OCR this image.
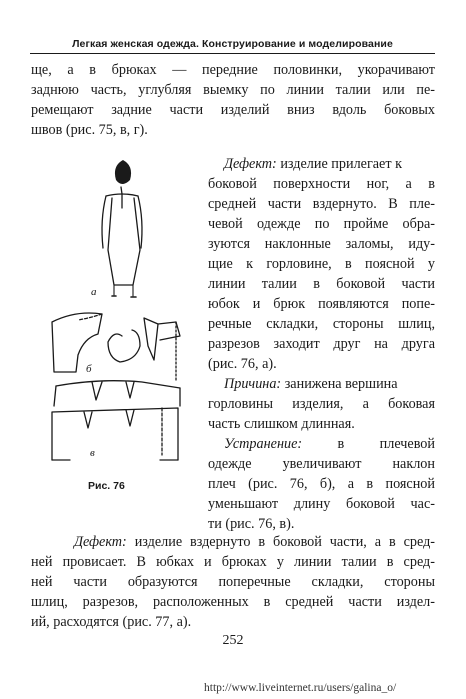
Легкая женская одежда. Конструирование и моделирование
ще, а в брюках — передние половинки, укорачивают
заднюю часть, углубляя выемку по линии талии или пе-
ремещают задние части изделий вниз вдоль боковых
швов (рис. 75, в, г).
Дефект: изделие прилегает к
боковой поверхности ног, а в
средней части вздернуто. В пле-
чевой одежде по пройме обра-
зуются наклонные заломы, иду-
щие к горловине, в поясной у
линии талии в боковой части
юбок и брюк появляются попе-
речные складки, стороны шлиц,
разрезов заходит друг на друга
(рис. 76, а).
Причина: занижена вершина
горловины изделия, а боковая
часть слишком длинная.
Устранение: в плечевой
одежде увеличивают наклон
плеч (рис. 76, б), а в поясной
уменьшают длину боковой час-
ти (рис. 76, в).
а
б
в
Рис. 76
Дефект: изделие вздернуто в боковой части, а в сред-
ней провисает. В юбках и брюках у линии талии в сред-
ней части образуются поперечные складки, стороны
шлиц, разрезов, расположенных в средней части издел-
ий, расходятся (рис. 77, а).
252
http://www.liveinternet.ru/users/galina_o/
